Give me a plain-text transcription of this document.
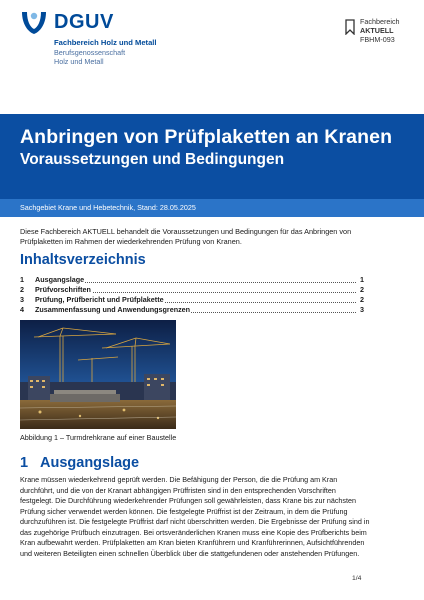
DGUV
Fachbereich Holz und Metall
Berufsgenossenschaft
Holz und Metall
Fachbereich
AKTUELL
FBHM-093
Anbringen von Prüfplaketten an Kranen
Voraussetzungen und Bedingungen
Sachgebiet Krane und Hebetechnik, Stand: 28.05.2025
Diese Fachbereich AKTUELL behandelt die Voraussetzungen und Bedingungen für das Anbringen von Prüfplaketten im Rahmen der wiederkehrenden Prüfung von Kranen.
Inhaltsverzeichnis
1 Ausgangslage	1
2 Prüfvorschriften	2
3 Prüfung, Prüfbericht und Prüfplakette	2
4 Zusammenfassung und Anwendungsgrenzen	3
Abbildung 1 – Turmdrehkrane auf einer Baustelle
1 Ausgangslage
Krane müssen wiederkehrend geprüft werden. Die Befähigung der Person, die die Prüfung am Kran durchführt, und die von der Kranart abhängigen Prüffristen sind in den entsprechenden Vorschriften festgelegt. Die Durchführung wiederkehrender Prüfungen soll gewährleisten, dass Krane bis zur nächsten Prüfung sicher verwendet werden können. Die festgelegte Prüffrist ist der Zeitraum, in dem die Prüfung durchzuführen ist. Die festgelegte Prüffrist darf nicht überschritten werden. Die Ergebnisse der Prüfung sind in das zugehörige Prüfbuch einzutragen. Bei ortsveränderlichen Kranen muss eine Kopie des Prüfberichts beim Kran aufbewahrt werden. Prüfplaketten am Kran bieten Kranführern und Kranführerinnen, Aufsichtführenden und weiteren Beteiligten einen schnellen Überblick über die stattgefundenen oder anstehenden Prüfungen.
1/4
